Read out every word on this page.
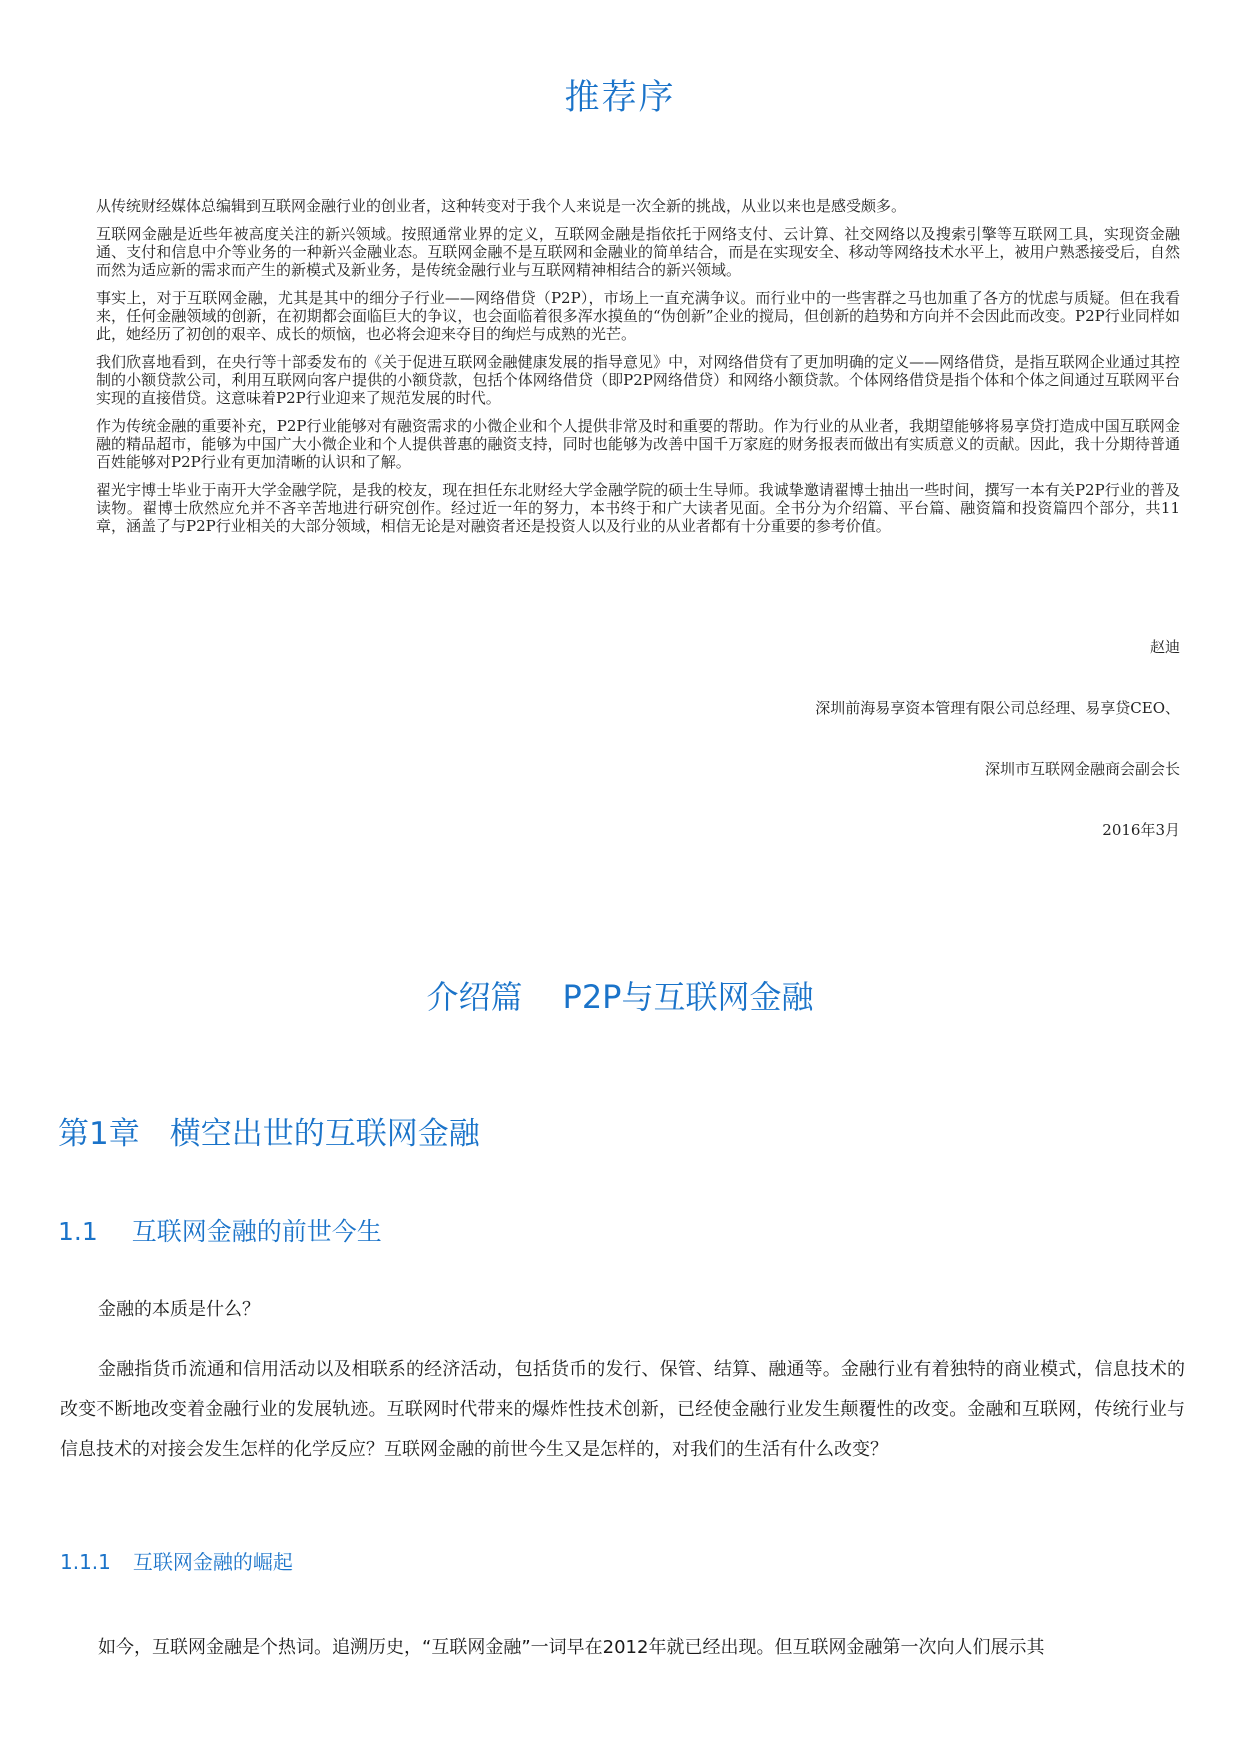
推荐序

从传统财经媒体总编辑到互联网金融行业的创业者，这种转变对于我个人来说是一次全新的挑战，从业以来也是感受颇多。

互联网金融是近些年被高度关注的新兴领域。按照通常业界的定义，互联网金融是指依托于网络支付、云计算、社交网络以及搜索引擎等互联网工具，实现资金融通、支付和信息中介等业务的一种新兴金融业态。互联网金融不是互联网和金融业的简单结合，而是在实现安全、移动等网络技术水平上，被用户熟悉接受后，自然而然为适应新的需求而产生的新模式及新业务，是传统金融行业与互联网精神相结合的新兴领域。

事实上，对于互联网金融，尤其是其中的细分子行业——网络借贷（P2P），市场上一直充满争议。而行业中的一些害群之马也加重了各方的忧虑与质疑。但在我看来，任何金融领域的创新，在初期都会面临巨大的争议，也会面临着很多浑水摸鱼的“伪创新”企业的搅局，但创新的趋势和方向并不会因此而改变。P2P行业同样如此，她经历了初创的艰辛、成长的烦恼，也必将会迎来夺目的绚烂与成熟的光芒。

我们欣喜地看到，在央行等十部委发布的《关于促进互联网金融健康发展的指导意见》中，对网络借贷有了更加明确的定义——网络借贷，是指互联网企业通过其控制的小额贷款公司，利用互联网向客户提供的小额贷款，包括个体网络借贷（即P2P网络借贷）和网络小额贷款。个体网络借贷是指个体和个体之间通过互联网平台实现的直接借贷。这意味着P2P行业迎来了规范发展的时代。

作为传统金融的重要补充，P2P行业能够对有融资需求的小微企业和个人提供非常及时和重要的帮助。作为行业的从业者，我期望能够将易享贷打造成中国互联网金融的精品超市，能够为中国广大小微企业和个人提供普惠的融资支持，同时也能够为改善中国千万家庭的财务报表而做出有实质意义的贡献。因此，我十分期待普通百姓能够对P2P行业有更加清晰的认识和了解。

翟光宇博士毕业于南开大学金融学院，是我的校友，现在担任东北财经大学金融学院的硕士生导师。我诚挚邀请翟博士抽出一些时间，撰写一本有关P2P行业的普及读物。翟博士欣然应允并不吝辛苦地进行研究创作。经过近一年的努力，本书终于和广大读者见面。全书分为介绍篇、平台篇、融资篇和投资篇四个部分，共11章，涵盖了与P2P行业相关的大部分领域，相信无论是对融资者还是投资人以及行业的从业者都有十分重要的参考价值。

赵迪
深圳前海易享资本管理有限公司总经理、易享贷CEO、
深圳市互联网金融商会副会长
2016年3月
介绍篇 P2P与互联网金融
第1章 横空出世的互联网金融
1.1 互联网金融的前世今生

金融的本质是什么？

金融指货币流通和信用活动以及相联系的经济活动，包括货币的发行、保管、结算、融通等。金融行业有着独特的商业模式，信息技术的改变不断地改变着金融行业的发展轨迹。互联网时代带来的爆炸性技术创新，已经使金融行业发生颠覆性的改变。金融和互联网，传统行业与信息技术的对接会发生怎样的化学反应？互联网金融的前世今生又是怎样的，对我们的生活有什么改变？

1.1.1 互联网金融的崛起

如今，互联网金融是个热词。追溯历史，“互联网金融”一词早在2012年就已经出现。但互联网金融第一次向人们展示其
